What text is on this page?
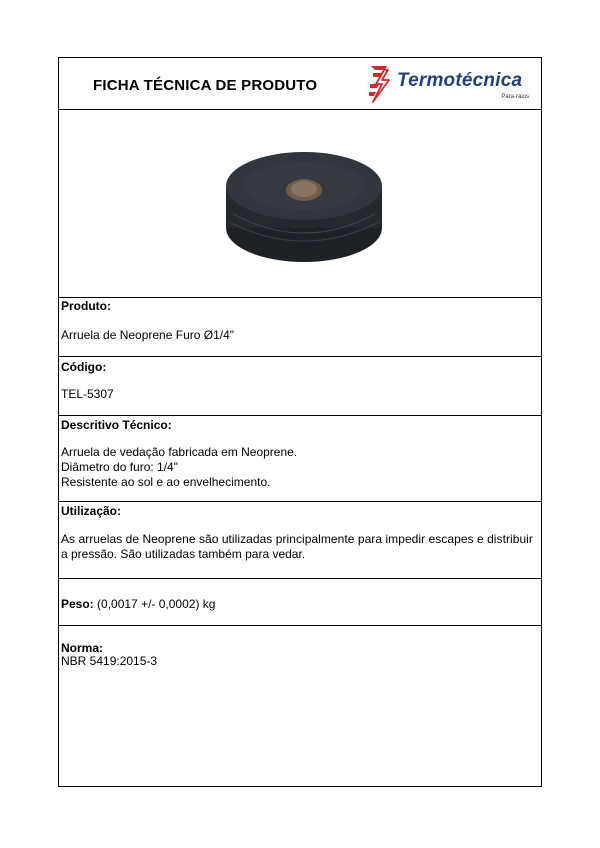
FICHA TÉCNICA DE PRODUTO	Termotécnica
Para-raios
Produto:
Arruela de Neoprene Furo Ø1/4"
Código:
TEL-5307
Descritivo Técnico:
Arruela de vedação fabricada em Neoprene.
Diâmetro do furo: 1/4"
Resistente ao sol e ao envelhecimento.
Utilização:
As arruelas de Neoprene são utilizadas principalmente para impedir escapes e distribuir
a pressão. São utilizadas também para vedar.
Peso: (0,0017 +/- 0,0002) kg
Norma:
NBR 5419:2015-3
